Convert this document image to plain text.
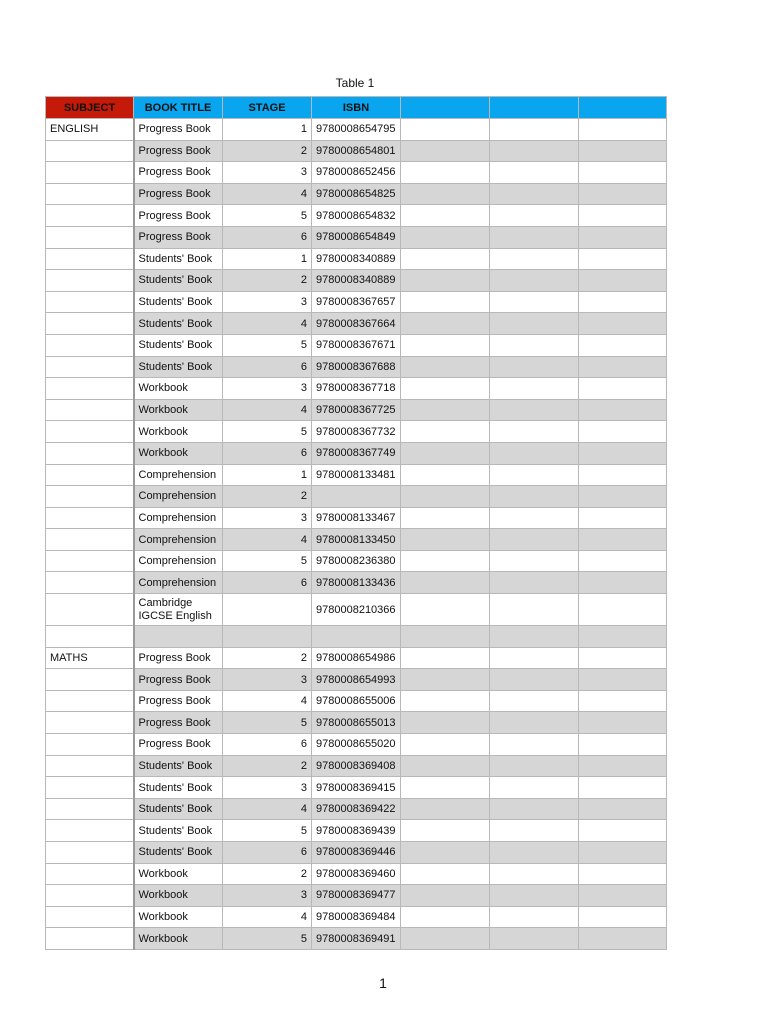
Table 1
SUBJECT	BOOK TITLE	STAGE	ISBN			
ENGLISH	Progress Book	1	9780008654795			
	Progress Book	2	9780008654801			
	Progress Book	3	9780008652456			
	Progress Book	4	9780008654825			
	Progress Book	5	9780008654832			
	Progress Book	6	9780008654849			
	Students' Book	1	9780008340889			
	Students' Book	2	9780008340889			
	Students' Book	3	9780008367657			
	Students' Book	4	9780008367664			
	Students' Book	5	9780008367671			
	Students' Book	6	9780008367688			
	Workbook	3	9780008367718			
	Workbook	4	9780008367725			
	Workbook	5	9780008367732			
	Workbook	6	9780008367749			
	Comprehension	1	9780008133481			
	Comprehension	2				
	Comprehension	3	9780008133467			
	Comprehension	4	9780008133450			
	Comprehension	5	9780008236380			
	Comprehension	6	9780008133436			
	Cambridge IGCSE English		9780008210366			

MATHS	Progress Book	2	9780008654986			
	Progress Book	3	9780008654993			
	Progress Book	4	9780008655006			
	Progress Book	5	9780008655013			
	Progress Book	6	9780008655020			
	Students' Book	2	9780008369408			
	Students' Book	3	9780008369415			
	Students' Book	4	9780008369422			
	Students' Book	5	9780008369439			
	Students' Book	6	9780008369446			
	Workbook	2	9780008369460			
	Workbook	3	9780008369477			
	Workbook	4	9780008369484			
	Workbook	5	9780008369491			
1
